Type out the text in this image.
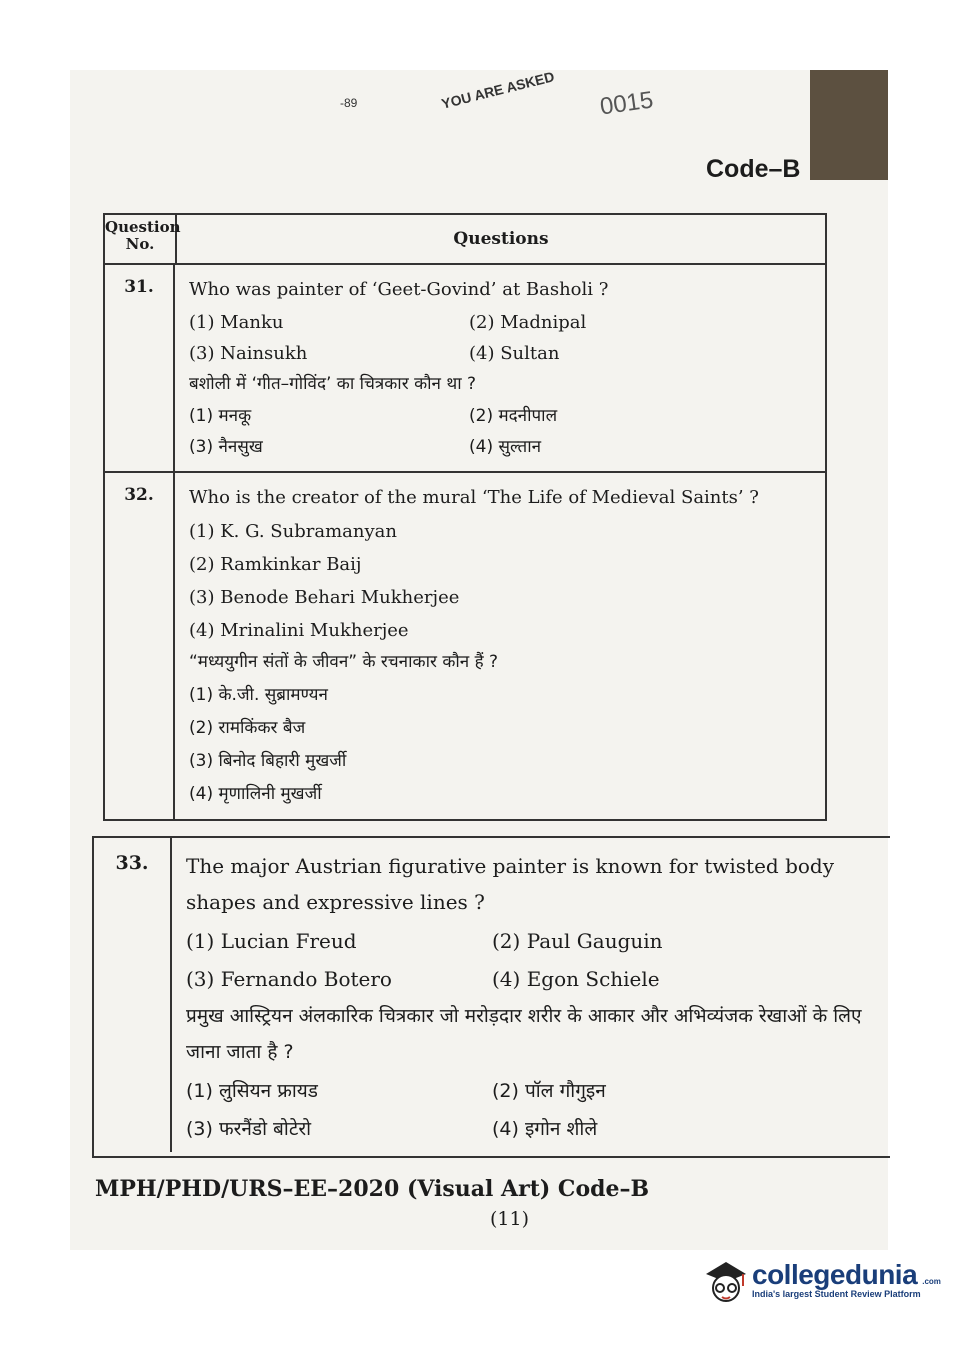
-89	YOU ARE ASKED 0015
Code–B
Question No.	Questions
31.	Who was painter of ‘Geet-Govind’ at Basholi ?
(1) Manku	(2) Madnipal
(3) Nainsukh	(4) Sultan
बशोली में ‘गीत–गोविंद’ का चित्रकार कौन था ?
(1) मनकू	(2) मदनीपाल
(3) नैनसुख	(4) सुल्तान
32.	Who is the creator of the mural ‘The Life of Medieval Saints’ ?
(1) K. G. Subramanyan
(2) Ramkinkar Baij
(3) Benode Behari Mukherjee
(4) Mrinalini Mukherjee
“मध्ययुगीन संतों के जीवन” के रचनाकार कौन हैं ?
(1) के.जी. सुब्रामण्यन
(2) रामकिंकर बैज
(3) बिनोद बिहारी मुखर्जी
(4) मृणालिनी मुखर्जी
33.	The major Austrian figurative painter is known for twisted body shapes and expressive lines ?
(1) Lucian Freud	(2) Paul Gauguin
(3) Fernando Botero	(4) Egon Schiele
प्रमुख आस्ट्रियन अंलकारिक चित्रकार जो मरोड़दार शरीर के आकार और अभिव्यंजक रेखाओं के लिए जाना जाता है ?
(1) लुसियन फ्रायड	(2) पॉल गौगुइन
(3) फरनैंडो बोटेरो	(4) इगोन शीले
MPH/PHD/URS–EE–2020 (Visual Art) Code–B
(11)
collegedunia .com
India's largest Student Review Platform
